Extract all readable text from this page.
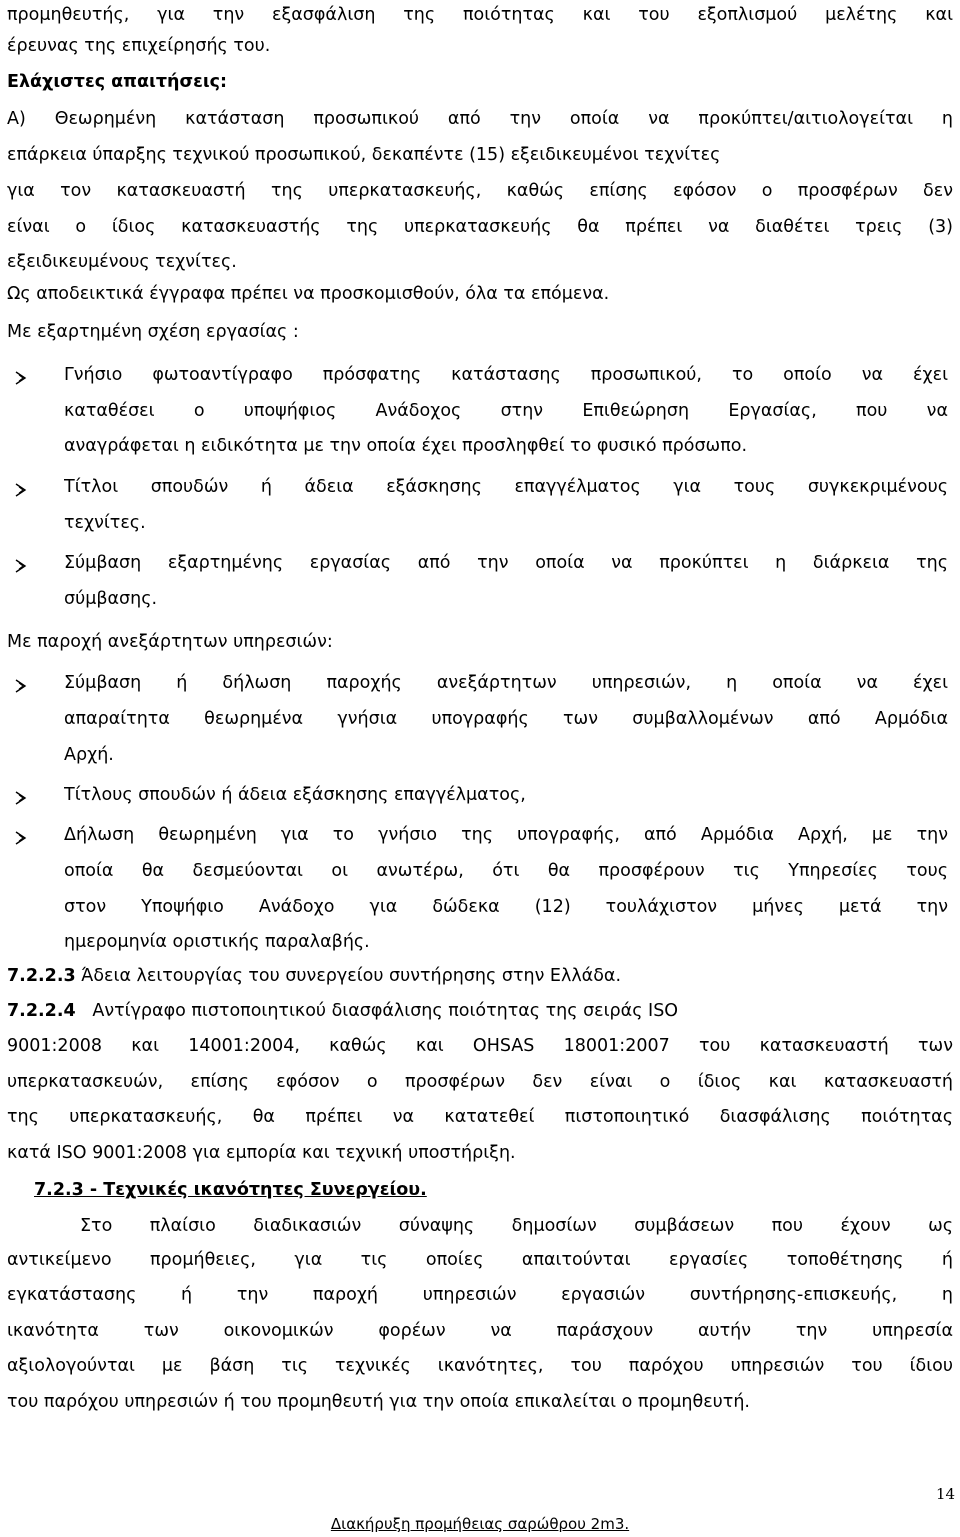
προμηθευτής, για την εξασφάλιση της ποιότητας και του εξοπλισμού μελέτης και
έρευνας της επιχείρησής του.
Ελάχιστες απαιτήσεις:
Α) Θεωρημένη κατάσταση προσωπικού από την οποία να προκύπτει/αιτιολογείται η
επάρκεια ύπαρξης τεχνικού προσωπικού, δεκαπέντε (15) εξειδικευμένοι τεχνίτες
για τον κατασκευαστή της υπερκατασκευής, καθώς επίσης εφόσον ο προσφέρων δεν
είναι ο ίδιος κατασκευαστής της υπερκατασκευής θα πρέπει να διαθέτει τρεις (3)
εξειδικευμένους τεχνίτες.
Ως αποδεικτικά έγγραφα πρέπει να προσκομισθούν, όλα τα επόμενα.
Με εξαρτημένη σχέση εργασίας :
Γνήσιο φωτοαντίγραφο πρόσφατης κατάστασης προσωπικού, το οποίο να έχει
καταθέσει ο υποψήφιος Ανάδοχος στην Επιθεώρηση Εργασίας, που να
αναγράφεται η ειδικότητα με την οποία έχει προσληφθεί το φυσικό πρόσωπο.
Τίτλοι σπουδών ή άδεια εξάσκησης επαγγέλματος για τους συγκεκριμένους
τεχνίτες.
Σύμβαση εξαρτημένης εργασίας από την οποία να προκύπτει η διάρκεια της
σύμβασης.
Με παροχή ανεξάρτητων υπηρεσιών:
Σύμβαση ή δήλωση παροχής ανεξάρτητων υπηρεσιών, η οποία να έχει
απαραίτητα θεωρημένα γνήσια υπογραφής των συμβαλλομένων από Αρμόδια
Αρχή.
Τίτλους σπουδών ή άδεια εξάσκησης επαγγέλματος,
Δήλωση θεωρημένη για το γνήσιο της υπογραφής, από Αρμόδια Αρχή, με την
οποία θα δεσμεύονται οι ανωτέρω, ότι θα προσφέρουν τις Υπηρεσίες τους
στον Υποψήφιο Ανάδοχο για δώδεκα (12) τουλάχιστον μήνες μετά την
ημερομηνία οριστικής παραλαβής.
7.2.2.3 Άδεια λειτουργίας του συνεργείου συντήρησης στην Ελλάδα.
7.2.2.4 Αντίγραφο πιστοποιητικού διασφάλισης ποιότητας της σειράς ISO
9001:2008 και 14001:2004, καθώς και OHSAS 18001:2007 του κατασκευαστή των
υπερκατασκευών, επίσης εφόσον ο προσφέρων δεν είναι ο ίδιος και κατασκευαστή
της υπερκατασκευής, θα πρέπει να κατατεθεί πιστοποιητικό διασφάλισης ποιότητας
κατά ISO 9001:2008 για εμπορία και τεχνική υποστήριξη.
7.2.3 - Τεχνικές ικανότητες Συνεργείου.
Στο πλαίσιο διαδικασιών σύναψης δημοσίων συμβάσεων που έχουν ως
αντικείμενο προμήθειες, για τις οποίες απαιτούνται εργασίες τοποθέτησης ή
εγκατάστασης ή την παροχή υπηρεσιών εργασιών συντήρησης-επισκευής, η
ικανότητα των οικονομικών φορέων να παράσχουν αυτήν την υπηρεσία
αξιολογούνται με βάση τις τεχνικές ικανότητες, του παρόχου υπηρεσιών του ίδιου
του παρόχου υπηρεσιών ή του προμηθευτή για την οποία επικαλείται ο προμηθευτή.
14
Διακήρυξη προμήθειας σαρώθρου 2m3.
